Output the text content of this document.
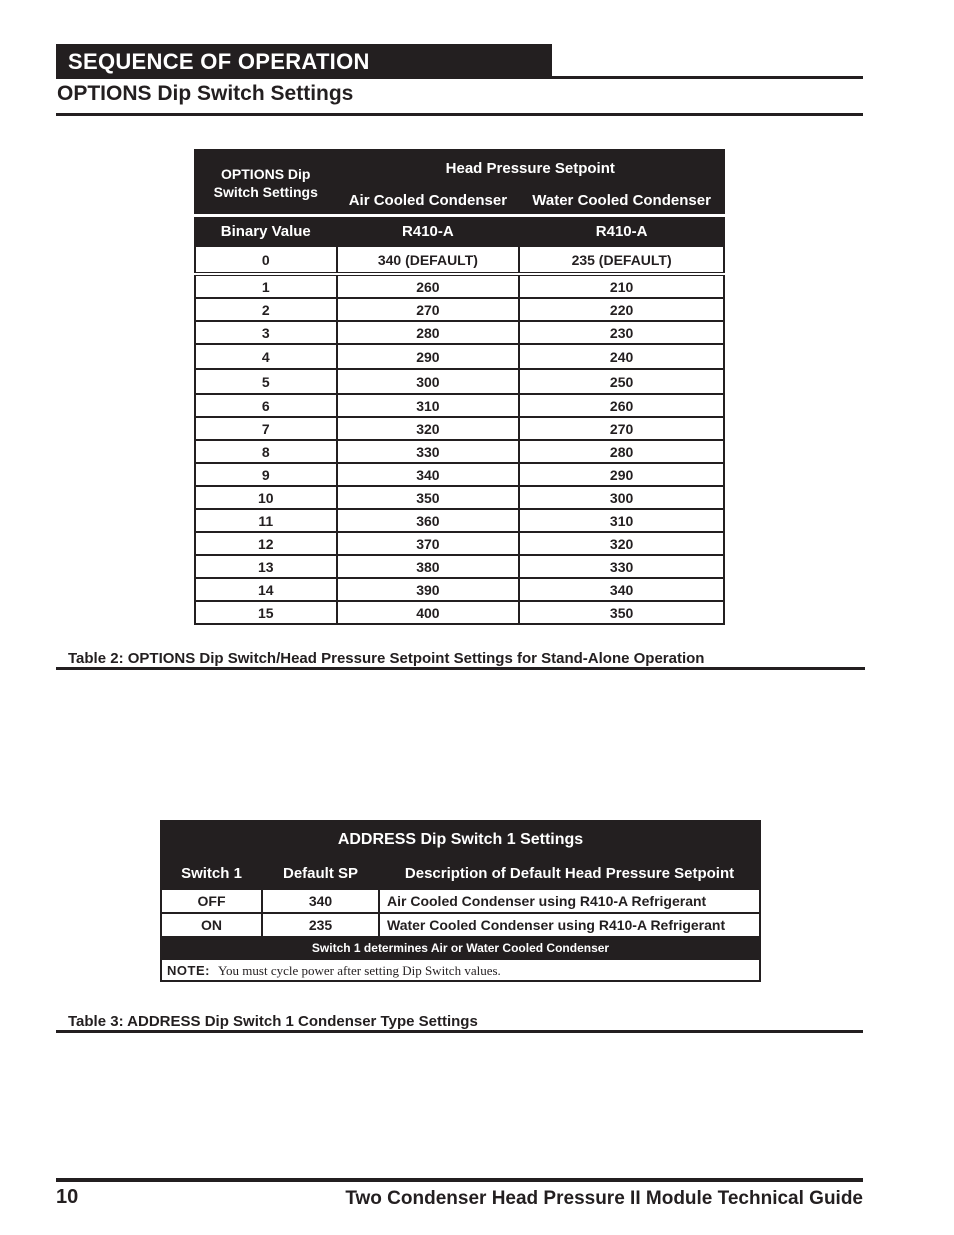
SEQUENCE OF OPERATION
OPTIONS Dip Switch Settings
OPTIONS Dip Switch Settings	Head Pressure Setpoint	
	Air Cooled Condenser	Water Cooled Condenser
Binary Value	R410-A	R410-A
0	340 (DEFAULT)	235 (DEFAULT)
1	260	210
2	270	220
3	280	230
4	290	240
5	300	250
6	310	260
7	320	270
8	330	280
9	340	290
10	350	300
11	360	310
12	370	320
13	380	330
14	390	340
15	400	350
Table 2: OPTIONS Dip Switch/Head Pressure Setpoint Settings for Stand-Alone Operation
ADDRESS Dip Switch 1 Settings		
Switch 1	Default SP	Description of Default Head Pressure Setpoint
OFF	340	Air Cooled Condenser using R410-A Refrigerant
ON	235	Water Cooled Condenser using R410-A Refrigerant
Switch 1 determines Air or Water Cooled Condenser		
NOTE: You must cycle power after setting Dip Switch values.		
Table 3: ADDRESS Dip Switch 1 Condenser Type Settings
10	Two Condenser Head Pressure II Module Technical Guide
